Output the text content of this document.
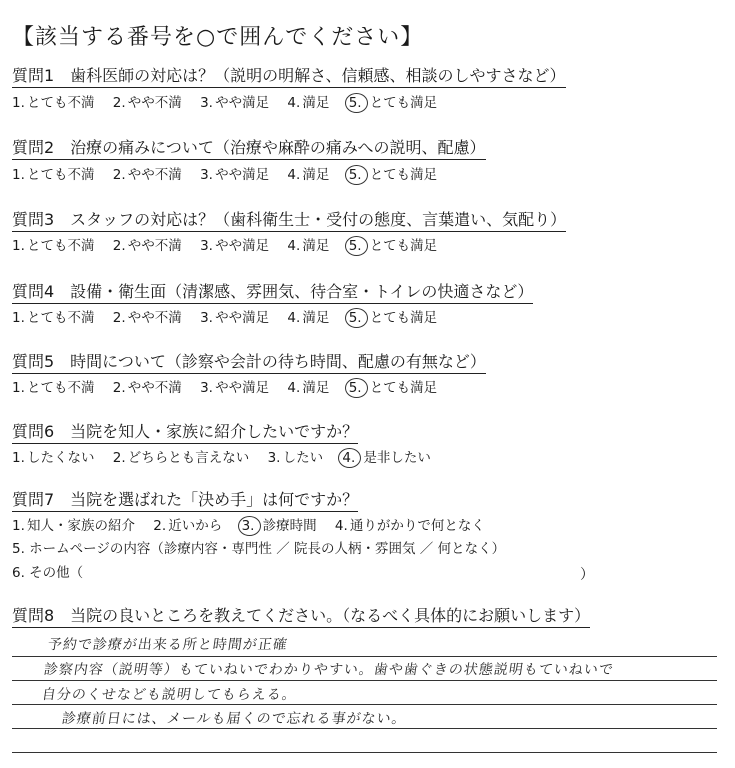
【該当する番号を○で囲んでください】
質問1　歯科医師の対応は？（説明の明解さ、信頼感、相談のしやすさなど）
1. とても不満 2. やや不満 3. やや満足 4. 満足 5. とても満足
質問2　治療の痛みについて（治療や麻酔の痛みへの説明、配慮）
1. とても不満 2. やや不満 3. やや満足 4. 満足 5. とても満足
質問3　スタッフの対応は？（歯科衛生士・受付の態度、言葉遣い、気配り）
1. とても不満 2. やや不満 3. やや満足 4. 満足 5. とても満足
質問4　設備・衛生面（清潔感、雰囲気、待合室・トイレの快適さなど）
1. とても不満 2. やや不満 3. やや満足 4. 満足 5. とても満足
質問5　時間について（診察や会計の待ち時間、配慮の有無など）
1. とても不満 2. やや不満 3. やや満足 4. 満足 5. とても満足
質問6　当院を知人・家族に紹介したいですか？
1. したくない 2. どちらとも言えない 3. したい 4. 是非したい
質問7　当院を選ばれた「決め手」は何ですか？
1. 知人・家族の紹介 2. 近いから 3. 診療時間 4. 通りがかりで何となく
5. ホームページの内容（診療内容・専門性 ／ 院長の人柄・雰囲気 ／ 何となく）
6. その他（	）
質問8　当院の良いところを教えてください。（なるべく具体的にお願いします）
予約で診療が出来る所と時間が正確
診察内容（説明等）もていねいでわかりやすい。歯や歯ぐきの状態説明もていねいで
自分のくせなども説明してもらえる。
診療前日には、メールも届くので忘れる事がない。
